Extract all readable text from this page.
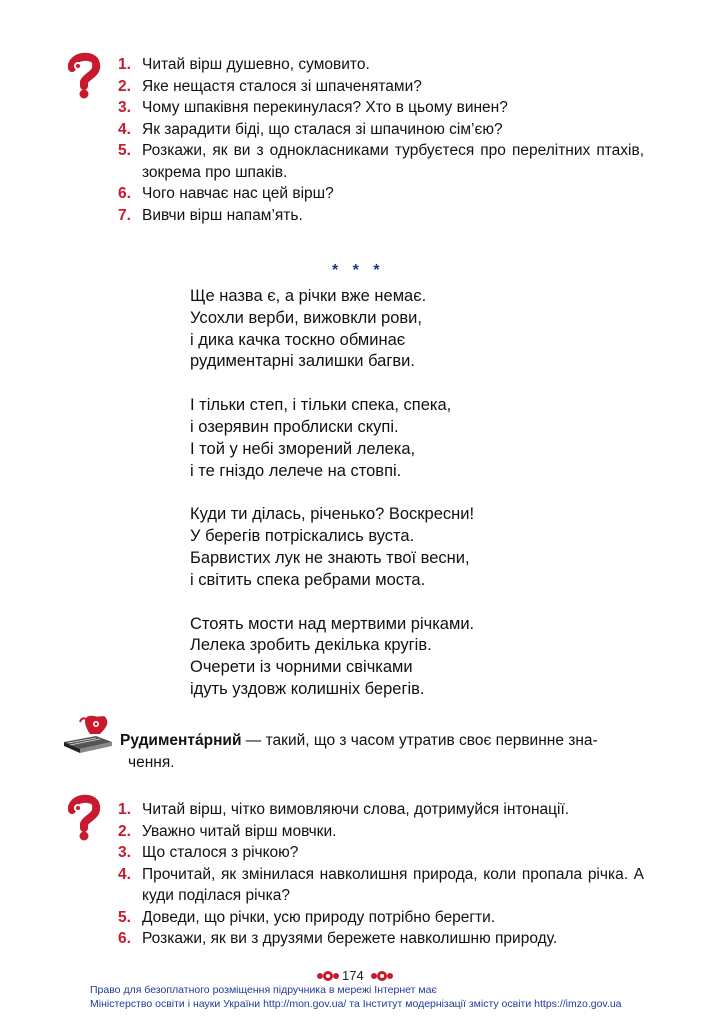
1. Читай вірш душевно, сумовито.
2. Яке нещастя сталося зі шпаченятами?
3. Чому шпаківня перекинулася? Хто в цьому винен?
4. Як зарадити біді, що сталася зі шпачиною сім’єю?
5. Розкажи, як ви з однокласниками турбуєтеся про перелітних птахів, зокрема про шпаків.
6. Чого навчає нас цей вірш?
7. Вивчи вірш напам’ять.
* * *
Ще назва є, а річки вже немає.
Усохли верби, вижовкли рови,
і дика качка тоскно обминає
рудиментарні залишки багви.
І тільки степ, і тільки спека, спека,
і озерявин проблиски скупі.
І той у небі зморений лелека,
і те гніздо лелече на стовпі.
Куди ти ділась, річенько? Воскресни!
У берегів потріскались вуста.
Барвистих лук не знають твої весни,
і світить спека ребрами моста.
Стоять мости над мертвими річками.
Лелека зробить декілька кругів.
Очерети із чорними свічками
ідуть уздовж колишніх берегів.
Рудимента́рний — такий, що з часом утратив своє первинне зна-
чення.
1. Читай вірш, чітко вимовляючи слова, дотримуйся інтонації.
2. Уважно читай вірш мовчки.
3. Що сталося з річкою?
4. Прочитай, як змінилася навколишня природа, коли пропала річка. А куди поділася річка?
5. Доведи, що річки, усю природу потрібно берегти.
6. Розкажи, як ви з друзями бережете навколишню природу.
174
Право для безоплатного розміщення підручника в мережі Інтернет має
Міністерство освіти і науки України http://mon.gov.ua/ та Інститут модернізації змісту освіти https://imzo.gov.ua
